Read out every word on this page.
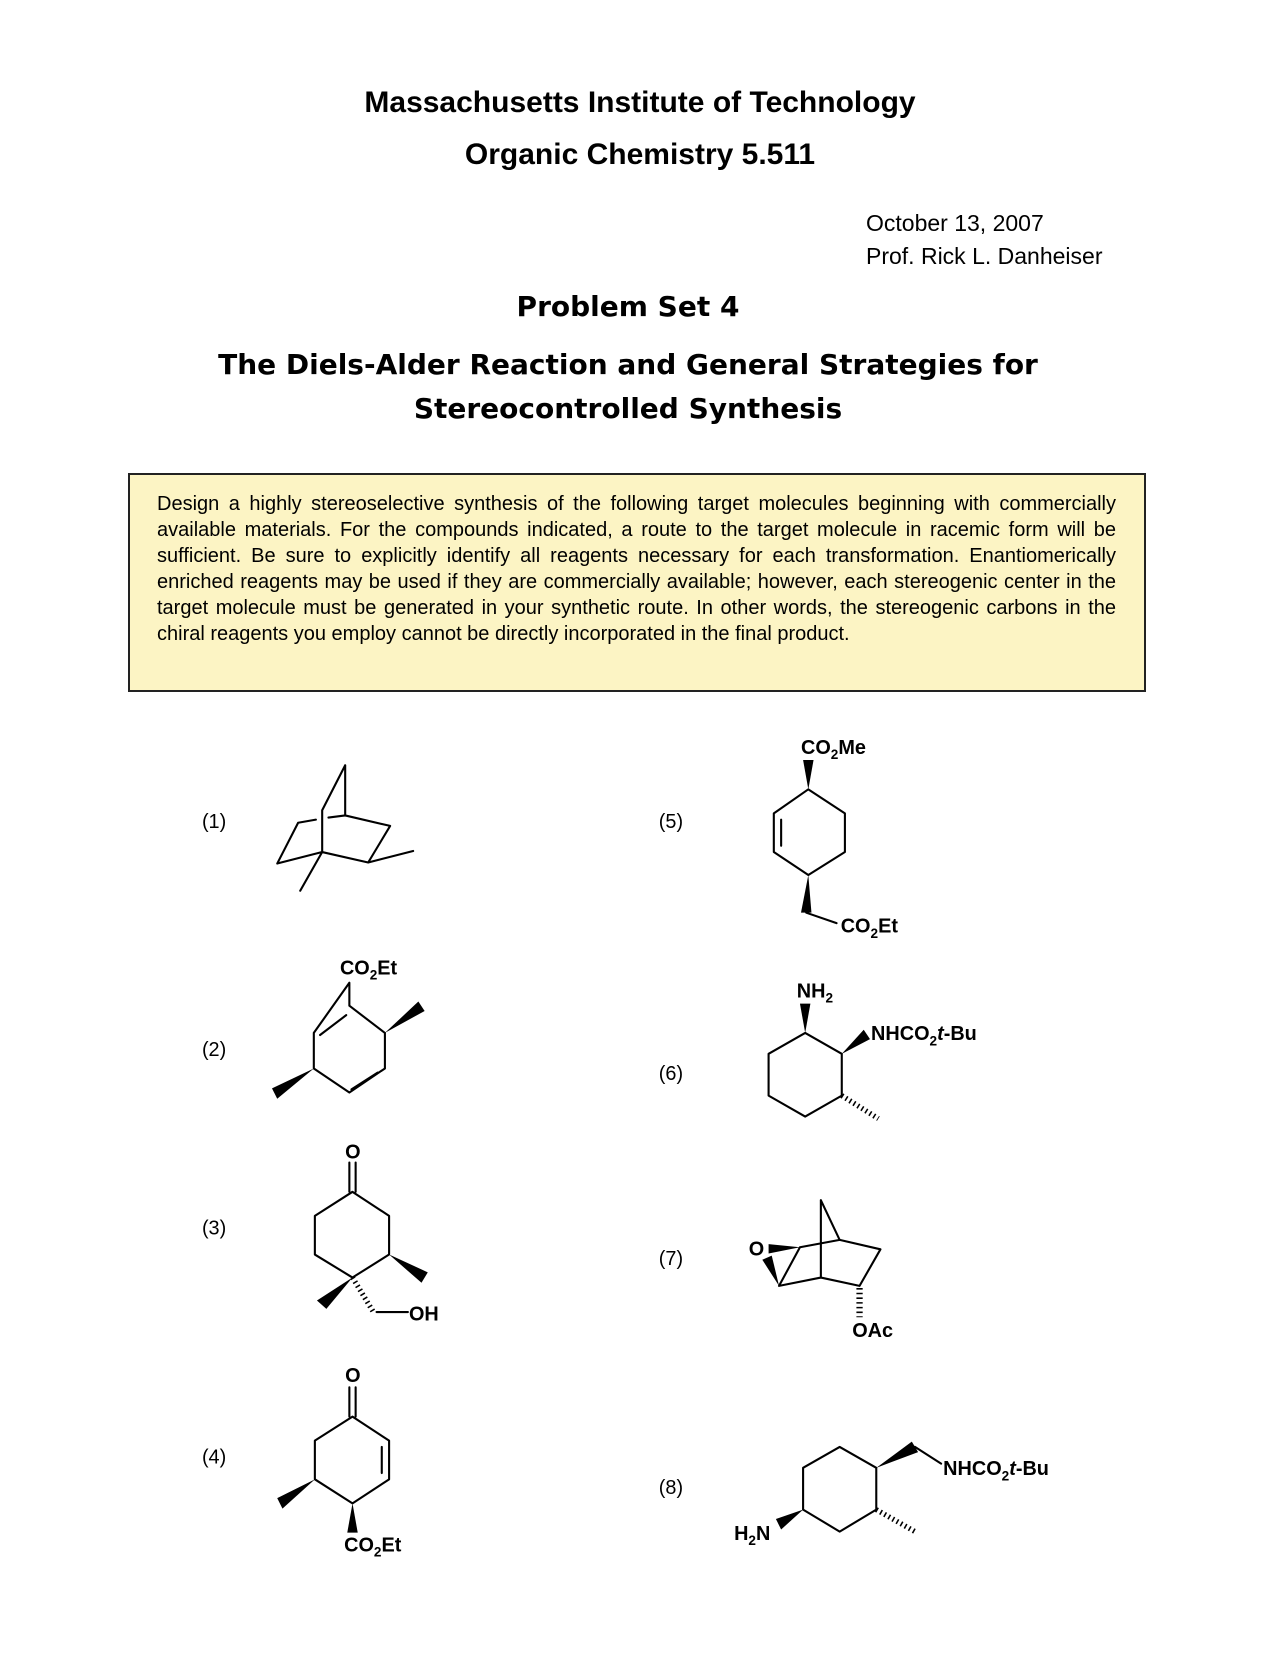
Massachusetts Institute of Technology
Organic Chemistry 5.511
October 13, 2007
Prof. Rick L. Danheiser
Problem Set 4
The Diels-Alder Reaction and General Strategies for
Stereocontrolled Synthesis

Design a highly stereoselective synthesis of the following target molecules beginning with commercially available materials. For the compounds indicated, a route to the target molecule in racemic form will be sufficient. Be sure to explicitly identify all reagents necessary for each transformation. Enantiomerically enriched reagents may be used if they are commercially available; however, each stereogenic center in the target molecule must be generated in your synthetic route. In other words, the stereogenic carbons in the chiral reagents you employ cannot be directly incorporated in the final product.

(1)
(2)
(3)
(4)
(5)
(6)
(7)
(8)
$CO_2Et$
O
OH
O
$CO_2Et$
$CO_2Me$
$CO_2Et$
$NH_2$
$NHCO_2t-Bu$
O
OAc
$NHCO_2t-Bu$
$H_2N$
